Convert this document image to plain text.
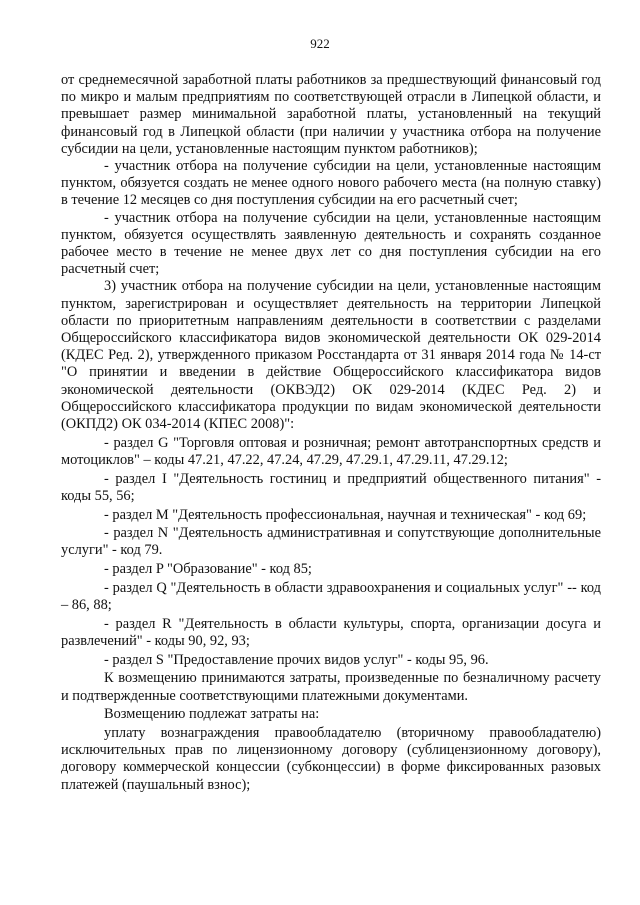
922

от среднемесячной заработной платы работников за предшествующий финансовый год по микро и малым предприятиям по соответствующей отрасли в Липецкой области, и превышает размер минимальной заработной платы, установленный на текущий финансовый год в Липецкой области (при наличии у участника отбора на получение субсидии на цели, установленные настоящим пунктом работников);

- участник отбора на получение субсидии на цели, установленные настоящим пунктом, обязуется создать не менее одного нового рабочего места (на полную ставку) в течение 12 месяцев со дня поступления субсидии на его расчетный счет;

- участник отбора на получение субсидии на цели, установленные настоящим пунктом, обязуется осуществлять заявленную деятельность и сохранять созданное рабочее место в течение не менее двух лет со дня поступления субсидии на его расчетный счет;

3) участник отбора на получение субсидии на цели, установленные настоящим пунктом, зарегистрирован и осуществляет деятельность на территории Липецкой области по приоритетным направлениям деятельности в соответствии с разделами Общероссийского классификатора видов экономической деятельности ОК 029-2014 (КДЕС Ред. 2), утвержденного приказом Росстандарта от 31 января 2014 года № 14-ст "О принятии и введении в действие Общероссийского классификатора видов экономической деятельности (ОКВЭД2) ОК 029-2014 (КДЕС Ред. 2) и Общероссийского классификатора продукции по видам экономической деятельности (ОКПД2) ОК 034-2014 (КПЕС 2008)":

- раздел G "Торговля оптовая и розничная; ремонт автотранспортных средств и мотоциклов" – коды 47.21, 47.22, 47.24, 47.29, 47.29.1, 47.29.11, 47.29.12;

- раздел I "Деятельность гостиниц и предприятий общественного питания" - коды 55, 56;

- раздел M "Деятельность профессиональная, научная и техническая" - код 69;

- раздел N "Деятельность административная и сопутствующие дополнительные услуги" - код 79.

- раздел P "Образование" - код 85;

- раздел Q "Деятельность в области здравоохранения и социальных услуг" -- код – 86, 88;

- раздел R "Деятельность в области культуры, спорта, организации досуга и развлечений" - коды 90, 92, 93;

- раздел S "Предоставление прочих видов услуг" - коды 95, 96.

К возмещению принимаются затраты, произведенные по безналичному расчету и подтвержденные соответствующими платежными документами.

Возмещению подлежат затраты на:

уплату вознаграждения правообладателю (вторичному правообладателю) исключительных прав по лицензионному договору (сублицензионному договору), договору коммерческой концессии (субконцессии) в форме фиксированных разовых платежей (паушальный взнос);
